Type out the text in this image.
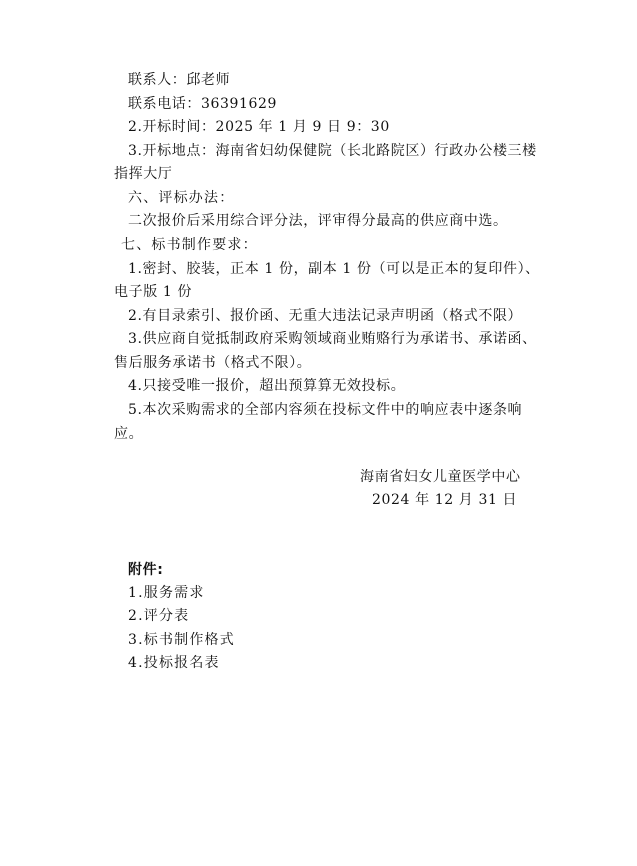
联系人：邱老师
联系电话：36391629
2.开标时间：2025 年 1 月 9 日 9：30
3.开标地点：海南省妇幼保健院（长北路院区）行政办公楼三楼
指挥大厅
六、评标办法：
二次报价后采用综合评分法，评审得分最高的供应商中选。
七、标书制作要求：
1.密封、胶装，正本 1 份，副本 1 份（可以是正本的复印件）、
电子版 1 份
2.有目录索引、报价函、无重大违法记录声明函（格式不限）
3.供应商自觉抵制政府采购领域商业贿赂行为承诺书、承诺函、
售后服务承诺书（格式不限）。
4.只接受唯一报价，超出预算算无效投标。
5.本次采购需求的全部内容须在投标文件中的响应表中逐条响
应。
海南省妇女儿童医学中心
2024 年 12 月 31 日
附件:
1.服务需求
2.评分表
3.标书制作格式
4.投标报名表
